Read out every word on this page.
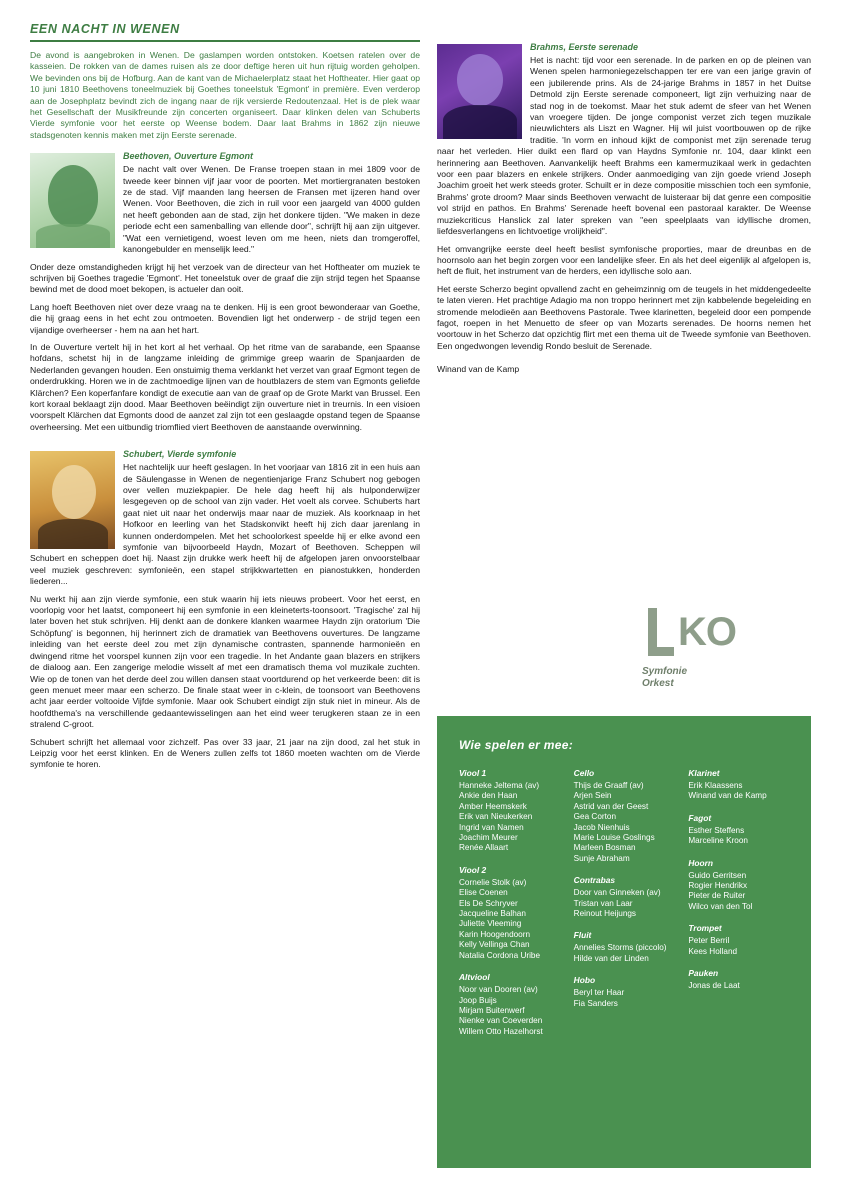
EEN NACHT IN WENEN
De avond is aangebroken in Wenen. De gaslampen worden ontstoken. Koetsen ratelen over de kasseien. De rokken van de dames ruisen als ze door deftige heren uit hun rijtuig worden geholpen. We bevinden ons bij de Hofburg. Aan de kant van de Michaelerplatz staat het Hoftheater. Hier gaat op 10 juni 1810 Beethovens toneelmuziek bij Goethes toneelstuk 'Egmont' in première. Even verderop aan de Josephplatz bevindt zich de ingang naar de rijk versierde Redoutenzaal. Het is de plek waar het Gesellschaft der Musikfreunde zijn concerten organiseert. Daar klinken delen van Schuberts Vierde symfonie voor het eerste op Weense bodem. Daar laat Brahms in 1862 zijn nieuwe stadsgenoten kennis maken met zijn Eerste serenade.
Beethoven, Ouverture Egmont
De nacht valt over Wenen. De Franse troepen staan in mei 1809 voor de tweede keer binnen vijf jaar voor de poorten. Met mortiergranaten bestoken ze de stad. Vijf maanden lang heersen de Fransen met ijzeren hand over Wenen. Voor Beethoven, die zich in ruil voor een jaargeld van 4000 gulden net heeft gebonden aan de stad, zijn het donkere tijden. "We maken in deze periode echt een samenballing van ellende door", schrijft hij aan zijn uitgever. "Wat een vernietigend, woest leven om me heen, niets dan tromgeroffel, kanongebulder en menselijk leed."
Onder deze omstandigheden krijgt hij het verzoek van de directeur van het Hoftheater om muziek te schrijven bij Goethes tragedie 'Egmont'. Het toneelstuk over de graaf die zijn strijd tegen het Spaanse bewind met de dood moet bekopen, is actueler dan ooit.
Lang hoeft Beethoven niet over deze vraag na te denken. Hij is een groot bewonderaar van Goethe, die hij graag eens in het echt zou ontmoeten. Bovendien ligt het onderwerp - de strijd tegen een vijandige overheerser - hem na aan het hart.
In de Ouverture vertelt hij in het kort al het verhaal. Op het ritme van de sarabande, een Spaanse hofdans, schetst hij in de langzame inleiding de grimmige greep waarin de Spanjaarden de Nederlanden gevangen houden. Een onstuimig thema verklankt het verzet van graaf Egmont tegen de onderdrukking. Horen we in de zachtmoedige lijnen van de houtblazers de stem van Egmonts geliefde Klärchen? Een koperfanfare kondigt de executie aan van de graaf op de Grote Markt van Brussel. Een kort koraal beklaagt zijn dood. Maar Beethoven beëindigt zijn ouverture niet in treurnis. In een visioen voorspelt Klärchen dat Egmonts dood de aanzet zal zijn tot een geslaagde opstand tegen de Spaanse overheersing. Met een uitbundig triomflied viert Beethoven de aanstaande overwinning.
Schubert, Vierde symfonie
Het nachtelijk uur heeft geslagen. In het voorjaar van 1816 zit in een huis aan de Säulengasse in Wenen de negentienjarige Franz Schubert nog gebogen over vellen muziekpapier. De hele dag heeft hij als hulponderwijzer lesgegeven op de school van zijn vader. Het voelt als corvee. Schuberts hart gaat niet uit naar het onderwijs maar naar de muziek. Als koorknaap in het Hofkoor en leerling van het Stadskonvikt heeft hij zich daar jarenlang in kunnen onderdompelen. Met het schoolorkest speelde hij er elke avond een symfonie van bijvoorbeeld Haydn, Mozart of Beethoven. Scheppen wil Schubert en scheppen doet hij. Naast zijn drukke werk heeft hij de afgelopen jaren onvoorstelbaar veel muziek geschreven: symfonieën, een stapel strijkkwartetten en pianostukken, honderden liederen...
Nu werkt hij aan zijn vierde symfonie, een stuk waarin hij iets nieuws probeert. Voor het eerst, en voorlopig voor het laatst, componeert hij een symfonie in een kleineterts-toonsoort. 'Tragische' zal hij later boven het stuk schrijven. Hij denkt aan de donkere klanken waarmee Haydn zijn oratorium 'Die Schöpfung' is begonnen, hij herinnert zich de dramatiek van Beethovens ouvertures. De langzame inleiding van het eerste deel zou met zijn dynamische contrasten, spannende harmonieën en dwingend ritme het voorspel kunnen zijn voor een tragedie. In het Andante gaan blazers en strijkers de dialoog aan. Een zangerige melodie wisselt af met een dramatisch thema vol muzikale zuchten. Wie op de tonen van het derde deel zou willen dansen staat voortdurend op het verkeerde been: dit is geen menuet meer maar een scherzo. De finale staat weer in c-klein, de toonsoort van Beethovens acht jaar eerder voltooide Vijfde symfonie. Maar ook Schubert eindigt zijn stuk niet in mineur. Als de hoofdthema's na verschillende gedaantewisselingen aan het eind weer terugkeren staan ze in een stralend C-groot.
Schubert schrijft het allemaal voor zichzelf. Pas over 33 jaar, 21 jaar na zijn dood, zal het stuk in Leipzig voor het eerst klinken. En de Weners zullen zelfs tot 1860 moeten wachten om de Vierde symfonie te horen.
Brahms, Eerste serenade
Het is nacht: tijd voor een serenade. In de parken en op de pleinen van Wenen spelen harmoniegezelschappen ter ere van een jarige gravin of een jubilerende prins. Als de 24-jarige Brahms in 1857 in het Duitse Detmold zijn Eerste serenade componeert, ligt zijn verhuizing naar de stad nog in de toekomst. Maar het stuk ademt de sfeer van het Wenen van vroegere tijden. De jonge componist verzet zich tegen muzikale nieuwlichters als Liszt en Wagner. Hij wil juist voortbouwen op de rijke traditie. 'In vorm en inhoud kijkt de componist met zijn serenade terug naar het verleden. Hier duikt een flard op van Haydns Symfonie nr. 104, daar klinkt een herinnering aan Beethoven. Aanvankelijk heeft Brahms een kamermuzikaal werk in gedachten voor een paar blazers en enkele strijkers. Onder aanmoediging van zijn goede vriend Joseph Joachim groeit het werk steeds groter. Schuilt er in deze compositie misschien toch een symfonie, Brahms' grote droom? Maar sinds Beethoven verwacht de luisteraar bij dat genre een compositie vol strijd en pathos. En Brahms' Serenade heeft bovenal een pastoraal karakter. De Weense muziekcriticus Hanslick zal later spreken van "een speelplaats van idyllische dromen, liefdesverlangens en lichtvoetige vrolijkheid".
Het omvangrijke eerste deel heeft beslist symfonische proporties, maar de dreunbas en de hoornsolo aan het begin zorgen voor een landelijke sfeer. En als het deel eigenlijk al afgelopen is, heft de fluit, het instrument van de herders, een idyllische solo aan.
Het eerste Scherzo begint opvallend zacht en geheimzinnig om de teugels in het middengedeelte te laten vieren. Het prachtige Adagio ma non troppo herinnert met zijn kabbelende begeleiding en stromende melodieën aan Beethovens Pastorale. Twee klarinetten, begeleid door een pompende fagot, roepen in het Menuetto de sfeer op van Mozarts serenades. De hoorns nemen het voortouw in het Scherzo dat opzichtig flirt met een thema uit de Tweede symfonie van Beethoven. Een ongedwongen levendig Rondo besluit de Serenade.
Winand van de Kamp
KO
Symfonie
Orkest
Wie spelen er mee:
Viool 1
Hanneke Jeltema (av)
Ankie den Haan
Amber Heemskerk
Erik van Nieukerken
Ingrid van Namen
Joachim Meurer
Renée Allaart
Viool 2
Cornelie Stolk (av)
Elise Coenen
Els De Schryver
Jacqueline Balhan
Juliette Vleeming
Karin Hoogendoorn
Kelly Vellinga Chan
Natalia Cordona Uribe
Altviool
Noor van Dooren (av)
Joop Buijs
Mirjam Buitenwerf
Nienke van Coeverden
Willem Otto Hazelhorst
Cello
Thijs de Graaff (av)
Arjen Sein
Astrid van der Geest
Gea Corton
Jacob Nienhuis
Marie Louise Goslings
Marleen Bosman
Sunje Abraham
Contrabas
Door van Ginneken (av)
Tristan van Laar
Reinout Heijungs
Fluit
Annelies Storms (piccolo)
Hilde van der Linden
Hobo
Beryl ter Haar
Fia Sanders
Klarinet
Erik Klaassens
Winand van de Kamp
Fagot
Esther Steffens
Marceline Kroon
Hoorn
Guido Gerritsen
Rogier Hendrikx
Pieter de Ruiter
Wilco van den Tol
Trompet
Peter Berril
Kees Holland
Pauken
Jonas de Laat
